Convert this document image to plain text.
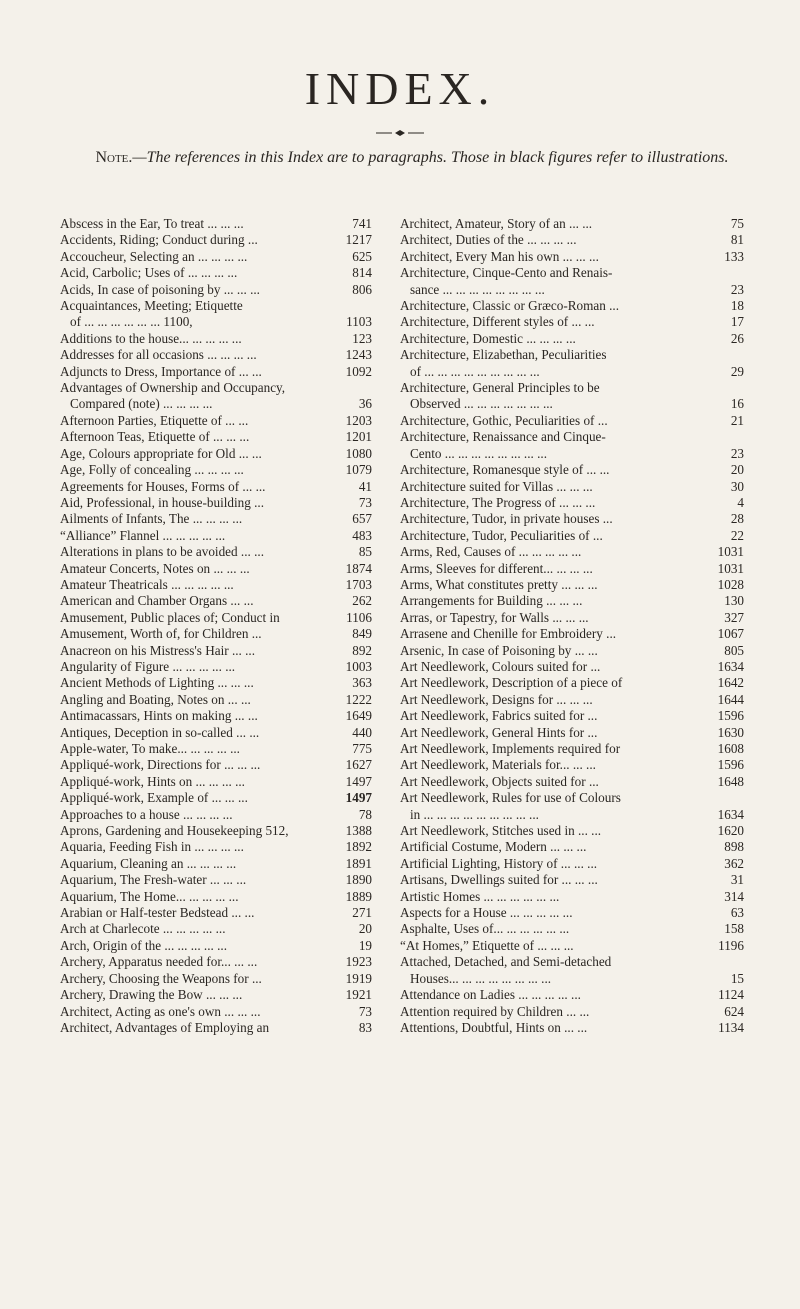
INDEX.
Note.—The references in this Index are to paragraphs. Those in black figures refer to illustrations.
Abscess in the Ear, To treat ... ... ...	741
Accidents, Riding; Conduct during ...	1217
Accoucheur, Selecting an ... ... ... ...	625
Acid, Carbolic; Uses of ... ... ... ...	814
Acids, In case of poisoning by ... ... ...	806
Acquaintances, Meeting; Etiquette
of ... ... ... ... ... ... 1100,	1103
Additions to the house... ... ... ... ...	123
Addresses for all occasions ... ... ... ...	1243
Adjuncts to Dress, Importance of ... ...	1092
Advantages of Ownership and Occupancy,
Compared (note) ... ... ... ...	36
Afternoon Parties, Etiquette of ... ...	1203
Afternoon Teas, Etiquette of ... ... ...	1201
Age, Colours appropriate for Old ... ...	1080
Age, Folly of concealing ... ... ... ...	1079
Agreements for Houses, Forms of ... ...	41
Aid, Professional, in house-building ...	73
Ailments of Infants, The ... ... ... ...	657
“Alliance” Flannel ... ... ... ... ...	483
Alterations in plans to be avoided ... ...	85
Amateur Concerts, Notes on ... ... ...	1874
Amateur Theatricals ... ... ... ... ...	1703
American and Chamber Organs ... ...	262
Amusement, Public places of; Conduct in	1106
Amusement, Worth of, for Children ...	849
Anacreon on his Mistress's Hair ... ...	892
Angularity of Figure ... ... ... ... ...	1003
Ancient Methods of Lighting ... ... ...	363
Angling and Boating, Notes on ... ...	1222
Antimacassars, Hints on making ... ...	1649
Antiques, Deception in so-called ... ...	440
Apple-water, To make... ... ... ... ...	775
Appliqué-work, Directions for ... ... ...	1627
Appliqué-work, Hints on ... ... ... ...	1497
Appliqué-work, Example of ... ... ...	1497
Approaches to a house ... ... ... ...	78
Aprons, Gardening and Housekeeping 512,	1388
Aquaria, Feeding Fish in ... ... ... ...	1892
Aquarium, Cleaning an ... ... ... ...	1891
Aquarium, The Fresh-water ... ... ...	1890
Aquarium, The Home... ... ... ... ...	1889
Arabian or Half-tester Bedstead ... ...	271
Arch at Charlecote ... ... ... ... ...	20
Arch, Origin of the ... ... ... ... ...	19
Archery, Apparatus needed for... ... ...	1923
Archery, Choosing the Weapons for ...	1919
Archery, Drawing the Bow ... ... ...	1921
Architect, Acting as one's own ... ... ...	73
Architect, Advantages of Employing an	83
Architect, Amateur, Story of an ... ...	75
Architect, Duties of the ... ... ... ...	81
Architect, Every Man his own ... ... ...	133
Architecture, Cinque-Cento and Renais-
sance ... ... ... ... ... ... ... ...	23
Architecture, Classic or Græco-Roman ...	18
Architecture, Different styles of ... ...	17
Architecture, Domestic ... ... ... ...	26
Architecture, Elizabethan, Peculiarities
of ... ... ... ... ... ... ... ... ...	29
Architecture, General Principles to be
Observed ... ... ... ... ... ... ...	16
Architecture, Gothic, Peculiarities of ...	21
Architecture, Renaissance and Cinque-
Cento ... ... ... ... ... ... ... ...	23
Architecture, Romanesque style of ... ...	20
Architecture suited for Villas ... ... ...	30
Architecture, The Progress of ... ... ...	4
Architecture, Tudor, in private houses ...	28
Architecture, Tudor, Peculiarities of ...	22
Arms, Red, Causes of ... ... ... ... ...	1031
Arms, Sleeves for different... ... ... ...	1031
Arms, What constitutes pretty ... ... ...	1028
Arrangements for Building ... ... ...	130
Arras, or Tapestry, for Walls ... ... ...	327
Arrasene and Chenille for Embroidery ...	1067
Arsenic, In case of Poisoning by ... ...	805
Art Needlework, Colours suited for ...	1634
Art Needlework, Description of a piece of	1642
Art Needlework, Designs for ... ... ...	1644
Art Needlework, Fabrics suited for ...	1596
Art Needlework, General Hints for ...	1630
Art Needlework, Implements required for	1608
Art Needlework, Materials for... ... ...	1596
Art Needlework, Objects suited for ...	1648
Art Needlework, Rules for use of Colours
in ... ... ... ... ... ... ... ... ...	1634
Art Needlework, Stitches used in ... ...	1620
Artificial Costume, Modern ... ... ...	898
Artificial Lighting, History of ... ... ...	362
Artisans, Dwellings suited for ... ... ...	31
Artistic Homes ... ... ... ... ... ...	314
Aspects for a House ... ... ... ... ...	63
Asphalte, Uses of... ... ... ... ... ...	158
“At Homes,” Etiquette of ... ... ...	1196
Attached, Detached, and Semi-detached
Houses... ... ... ... ... ... ... ...	15
Attendance on Ladies ... ... ... ... ...	1124
Attention required by Children ... ...	624
Attentions, Doubtful, Hints on ... ...	1134
